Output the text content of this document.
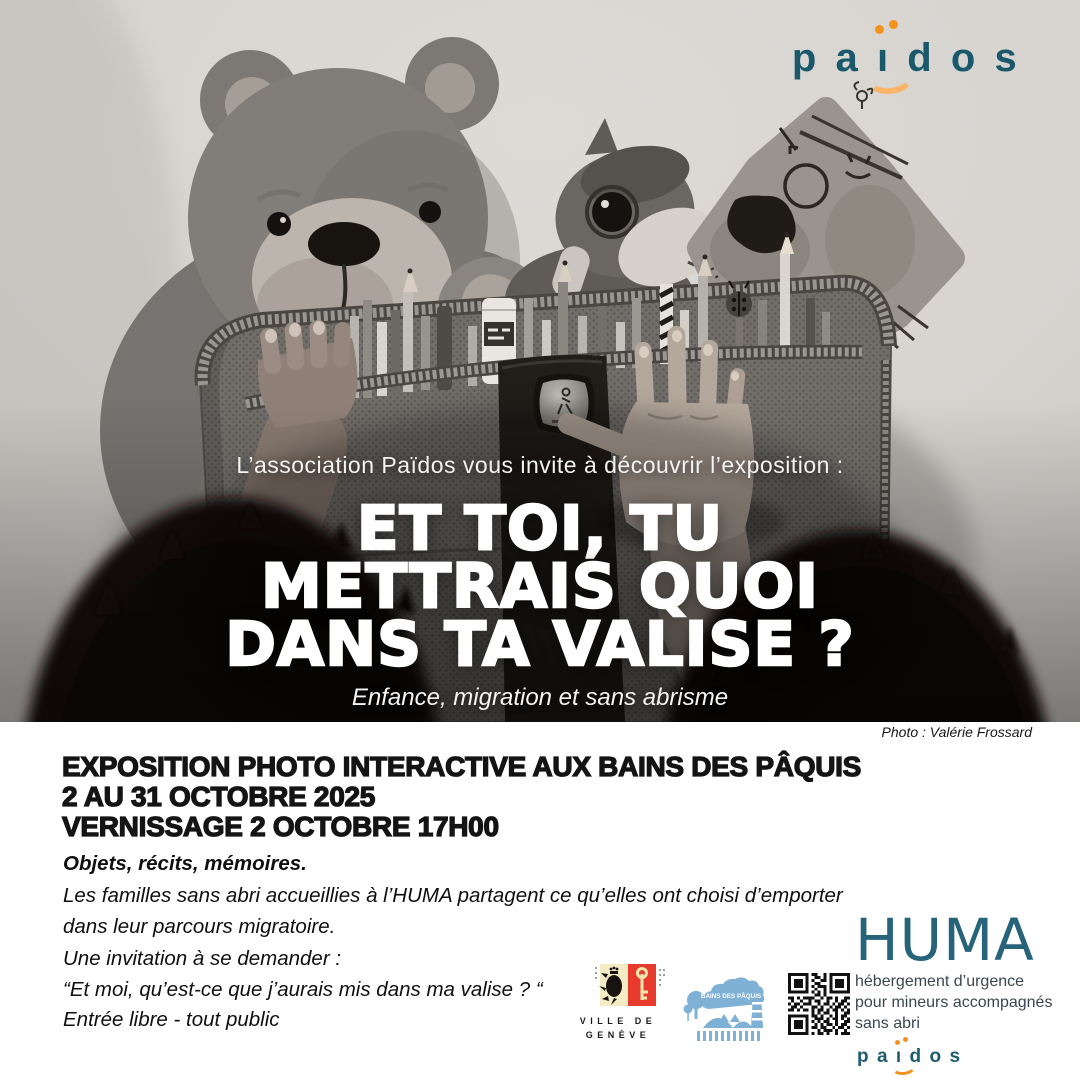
pa ı dos
L’association Païdos vous invite à découvrir l’exposition :
ET TOI, TU
METTRAIS QUOI
DANS TA VALISE ?
Enfance, migration et sans abrisme
Photo : Valérie Frossard
EXPOSITION PHOTO INTERACTIVE AUX BAINS DES PÂQUIS
2 AU 31 OCTOBRE 2025
VERNISSAGE 2 OCTOBRE 17H00
Objets, récits, mémoires.
Les familles sans abri accueillies à l’HUMA partagent ce qu’elles ont choisi d’emporter
dans leur parcours migratoire.
Une invitation à se demander :
“Et moi, qu’est-ce que j’aurais mis dans ma valise ? “
Entrée libre - tout public	VILLE DE
GENÈVE
BAINS DES PÂQUIS
HUMA
hébergement d’urgence
pour mineurs accompagnés
sans abri
pa ı dos
